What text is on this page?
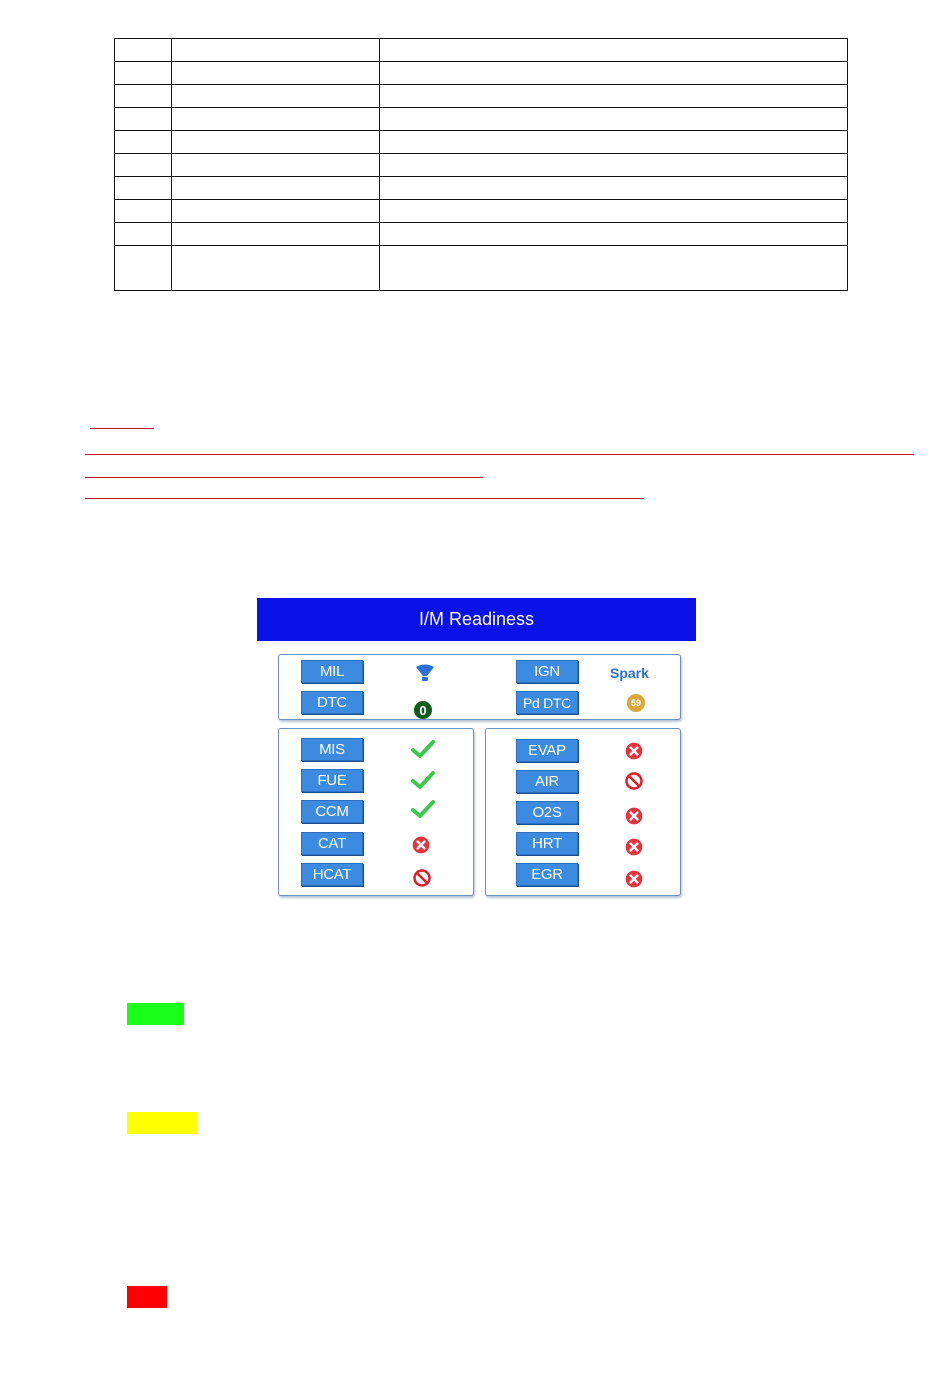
I/M Readiness
MIL
DTC	0
IGN	Spark
Pd DTC	59
MIS
FUE
CCM
CAT
HCAT
EVAP
AIR
O2S
HRT
EGR
